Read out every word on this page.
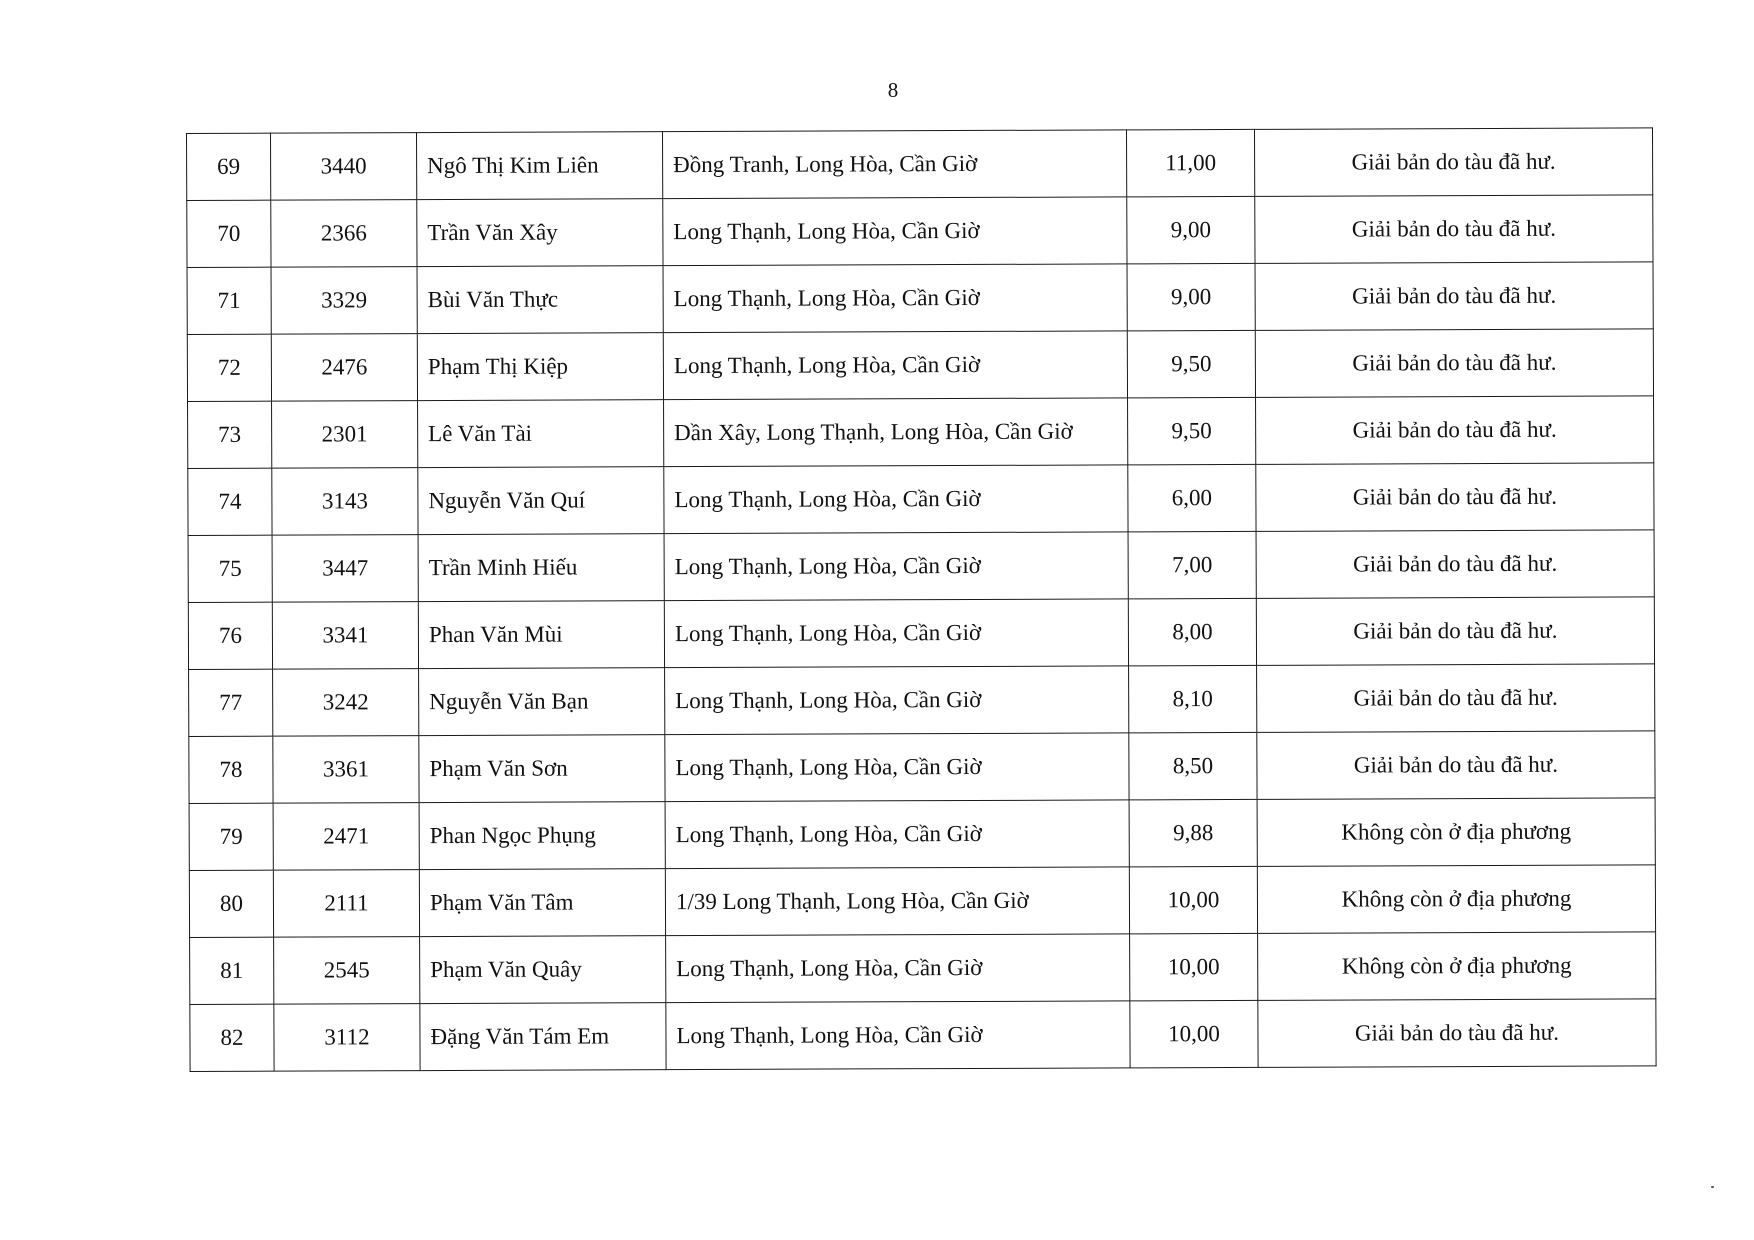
8
69	3440	Ngô Thị Kim Liên	Đồng Tranh, Long Hòa, Cần Giờ	11,00	Giải bản do tàu đã hư.
70	2366	Trần Văn Xây	Long Thạnh, Long Hòa, Cần Giờ	9,00	Giải bản do tàu đã hư.
71	3329	Bùi Văn Thực	Long Thạnh, Long Hòa, Cần Giờ	9,00	Giải bản do tàu đã hư.
72	2476	Phạm Thị Kiệp	Long Thạnh, Long Hòa, Cần Giờ	9,50	Giải bản do tàu đã hư.
73	2301	Lê Văn Tài	Dần Xây, Long Thạnh, Long Hòa, Cần Giờ	9,50	Giải bản do tàu đã hư.
74	3143	Nguyễn Văn Quí	Long Thạnh, Long Hòa, Cần Giờ	6,00	Giải bản do tàu đã hư.
75	3447	Trần Minh Hiếu	Long Thạnh, Long Hòa, Cần Giờ	7,00	Giải bản do tàu đã hư.
76	3341	Phan Văn Mùi	Long Thạnh, Long Hòa, Cần Giờ	8,00	Giải bản do tàu đã hư.
77	3242	Nguyễn Văn Bạn	Long Thạnh, Long Hòa, Cần Giờ	8,10	Giải bản do tàu đã hư.
78	3361	Phạm Văn Sơn	Long Thạnh, Long Hòa, Cần Giờ	8,50	Giải bản do tàu đã hư.
79	2471	Phan Ngọc Phụng	Long Thạnh, Long Hòa, Cần Giờ	9,88	Không còn ở địa phương
80	2111	Phạm Văn Tâm	1/39 Long Thạnh, Long Hòa, Cần Giờ	10,00	Không còn ở địa phương
81	2545	Phạm Văn Quây	Long Thạnh, Long Hòa, Cần Giờ	10,00	Không còn ở địa phương
82	3112	Đặng Văn Tám Em	Long Thạnh, Long Hòa, Cần Giờ	10,00	Giải bản do tàu đã hư.
